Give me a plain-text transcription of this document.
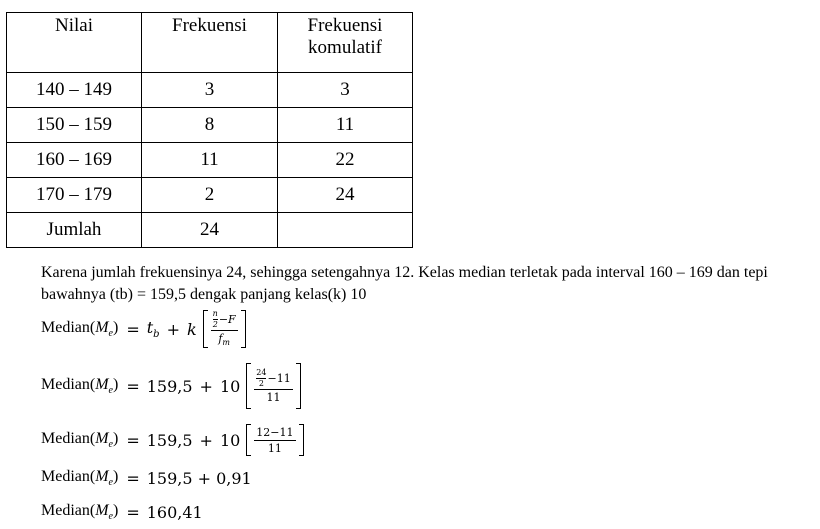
Nilai	Frekuensi	Frekuensi
komulatif

140 – 149	3	3
150 – 159	8	11
160 – 169	11	22
170 – 179	2	24
Jumlah	24	
Karena jumlah frekuensinya 24, sehingga setengahnya 12. Kelas median terletak pada interval 160 – 169 dan tepi bawahnya (tb) = 159,5 dengak panjang kelas(k) 10
$Median(M_e) = t_b + k$ n
2 −F
$f_m$
$Median(M_e) = 159,5 + 10$ 24
2 −11
11
$Median(M_e) = 159,5 + 10 \frac{12-11}{11}$
$Median(M_e) = 159,5 + 0,91$
$Median(M_e) = 160,41$
